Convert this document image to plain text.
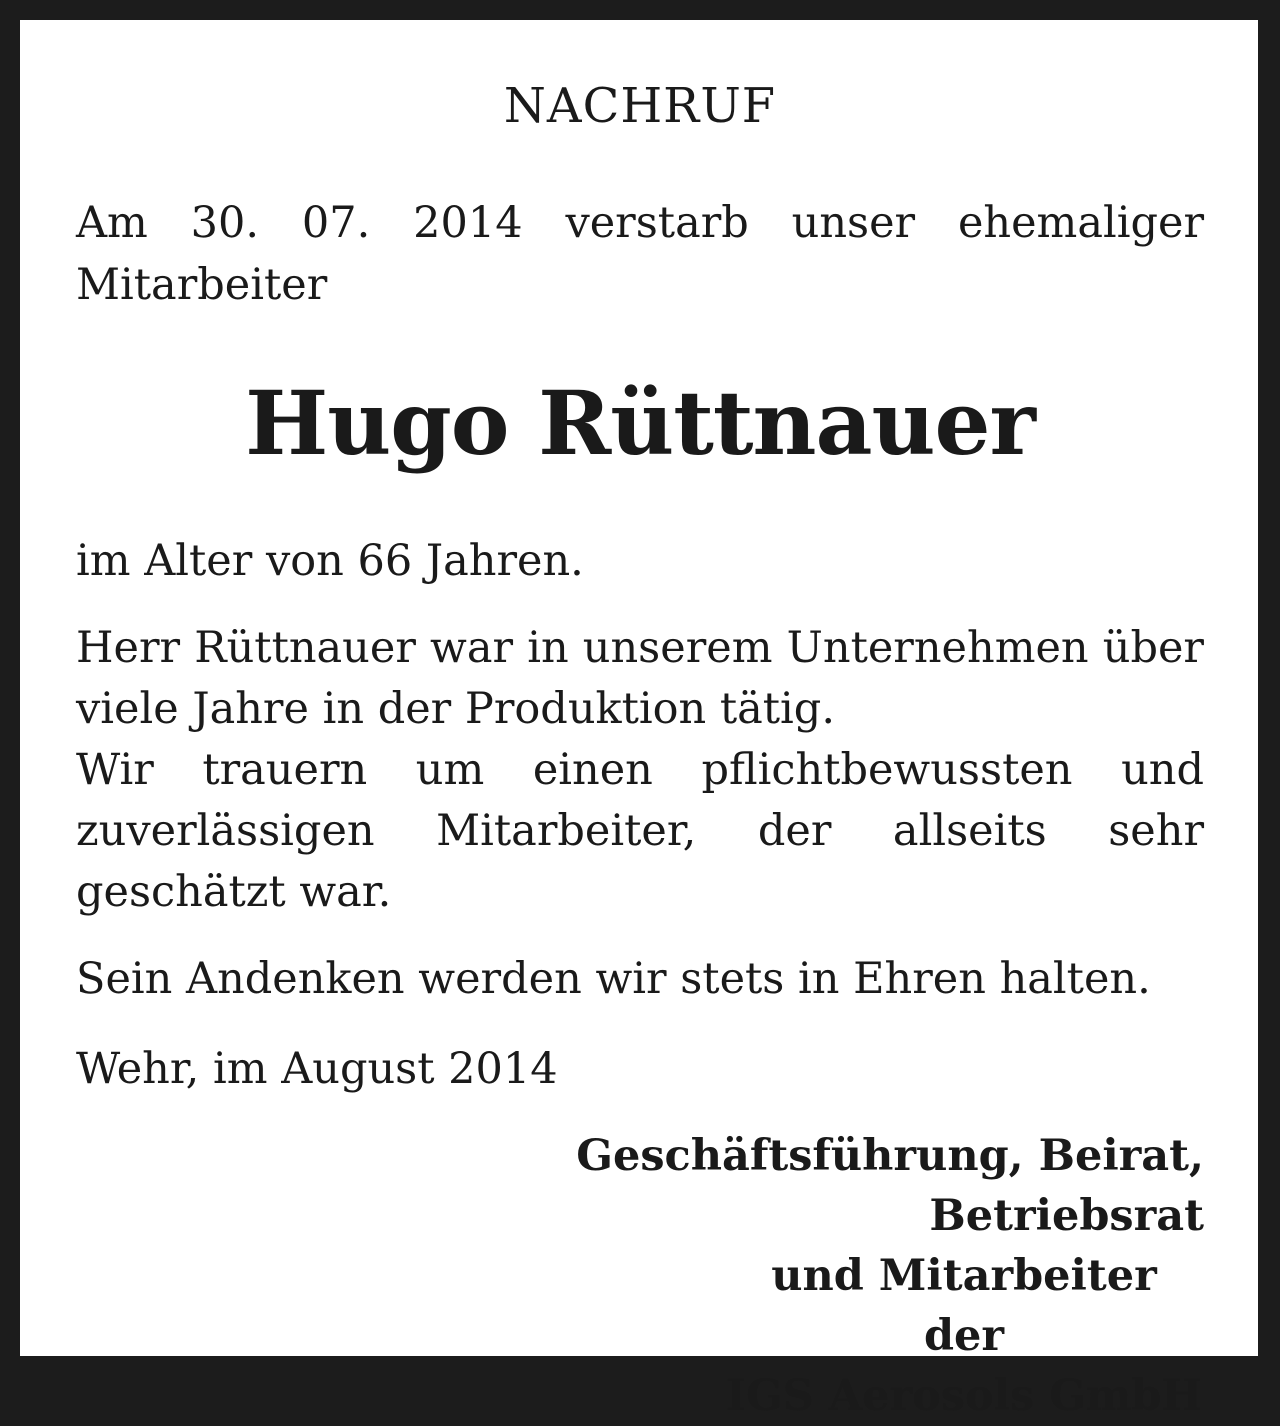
NACHRUF

Am 30. 07. 2014 verstarb unser ehemaliger Mitarbeiter

Hugo Rüttnauer

im Alter von 66 Jahren.

Herr Rüttnauer war in unserem Unternehmen über viele Jahre in der Produktion tätig.

Wir trauern um einen pflichtbewussten und zuverlässigen Mitarbeiter, der allseits sehr geschätzt war.

Sein Andenken werden wir stets in Ehren halten.

Wehr, im August 2014

Geschäftsführung, Beirat, Betriebsrat
und Mitarbeiter der
IGS Aerosols GmbH
